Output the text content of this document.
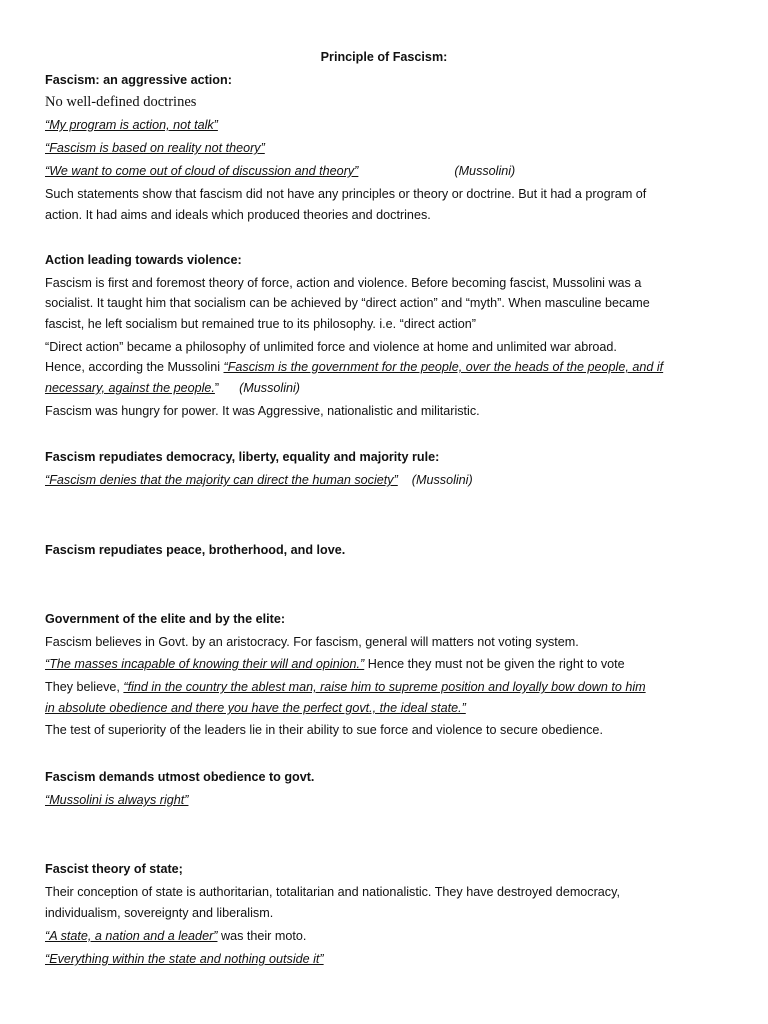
Principle of Fascism:
Fascism: an aggressive action:
No well-defined doctrines
“My program is action, not talk”
“Fascism is based on reality not theory”
“We want to come out of cloud of discussion and theory”	(Mussolini)
Such statements show that fascism did not have any principles or theory or doctrine. But it had a program of
action. It had aims and ideals which produced theories and doctrines.
Action leading towards violence:
Fascism is first and foremost theory of force, action and violence. Before becoming fascist, Mussolini was a
socialist. It taught him that socialism can be achieved by “direct action” and “myth”. When masculine became
fascist, he left socialism but remained true to its philosophy. i.e. “direct action”
“Direct action” became a philosophy of unlimited force and violence at home and unlimited war abroad.
Hence, according the Mussolini “Fascism is the government for the people, over the heads of the people, and if
necessary, against the people.” (Mussolini)
Fascism was hungry for power. It was Aggressive, nationalistic and militaristic.
Fascism repudiates democracy, liberty, equality and majority rule:
“Fascism denies that the majority can direct the human society” (Mussolini)
Fascism repudiates peace, brotherhood, and love.
Government of the elite and by the elite:
Fascism believes in Govt. by an aristocracy. For fascism, general will matters not voting system.
“The masses incapable of knowing their will and opinion.” Hence they must not be given the right to vote
They believe, “find in the country the ablest man, raise him to supreme position and loyally bow down to him
in absolute obedience and there you have the perfect govt., the ideal state.”
The test of superiority of the leaders lie in their ability to sue force and violence to secure obedience.
Fascism demands utmost obedience to govt.
“Mussolini is always right”
Fascist theory of state;
Their conception of state is authoritarian, totalitarian and nationalistic. They have destroyed democracy,
individualism, sovereignty and liberalism.
“A state, a nation and a leader” was their moto.
“Everything within the state and nothing outside it”
